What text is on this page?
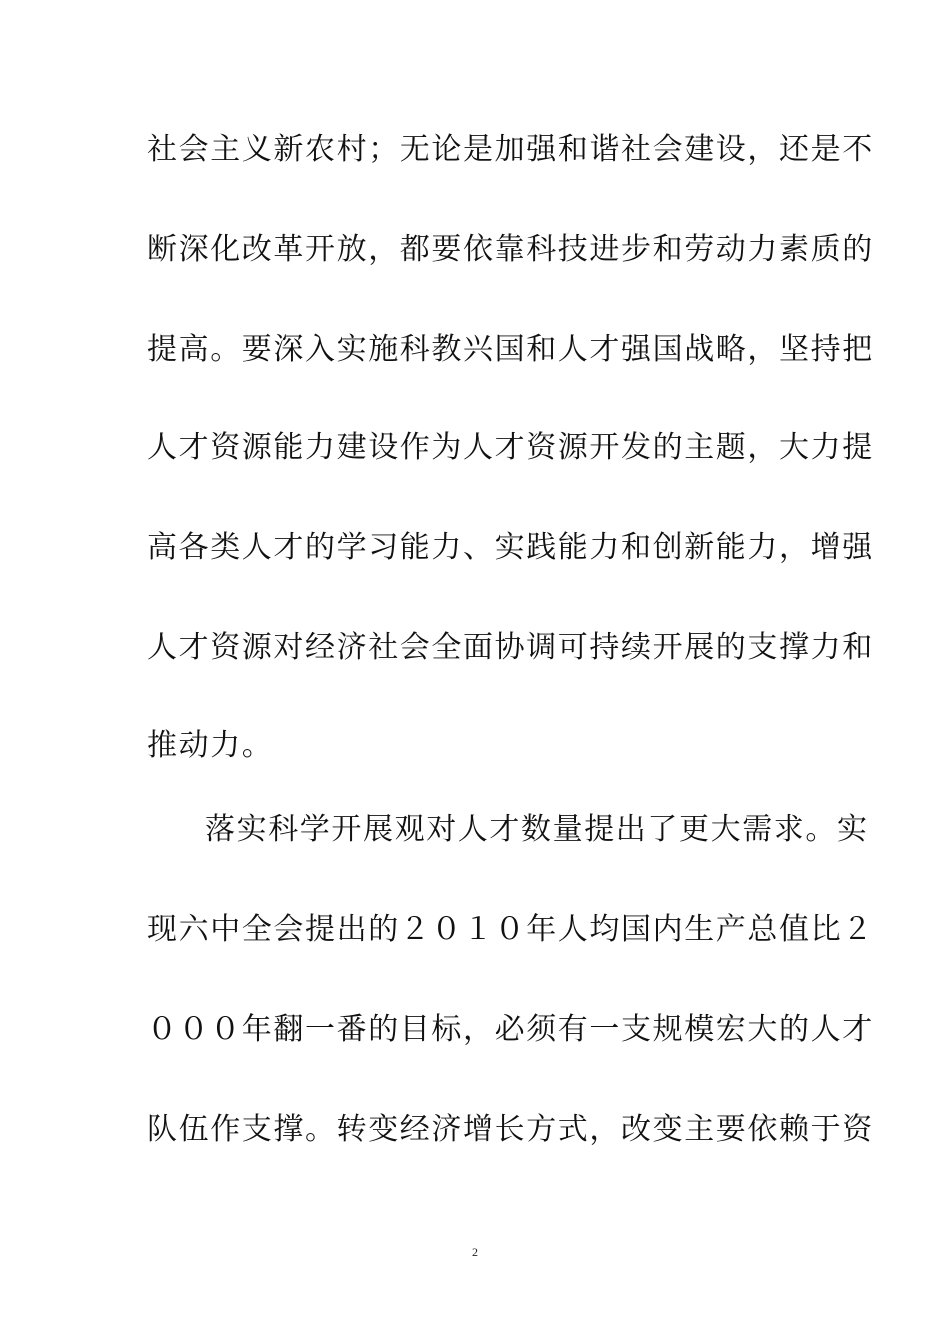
社会主义新农村；无论是加强和谐社会建设，还是不
断深化改革开放，都要依靠科技进步和劳动力素质的
提高。要深入实施科教兴国和人才强国战略，坚持把
人才资源能力建设作为人才资源开发的主题，大力提
高各类人才的学习能力、实践能力和创新能力，增强
人才资源对经济社会全面协调可持续开展的支撑力和
推动力。
落实科学开展观对人才数量提出了更大需求。实
现六中全会提出的２０１０年人均国内生产总值比２
０００年翻一番的目标，必须有一支规模宏大的人才
队伍作支撑。转变经济增长方式，改变主要依赖于资
2
